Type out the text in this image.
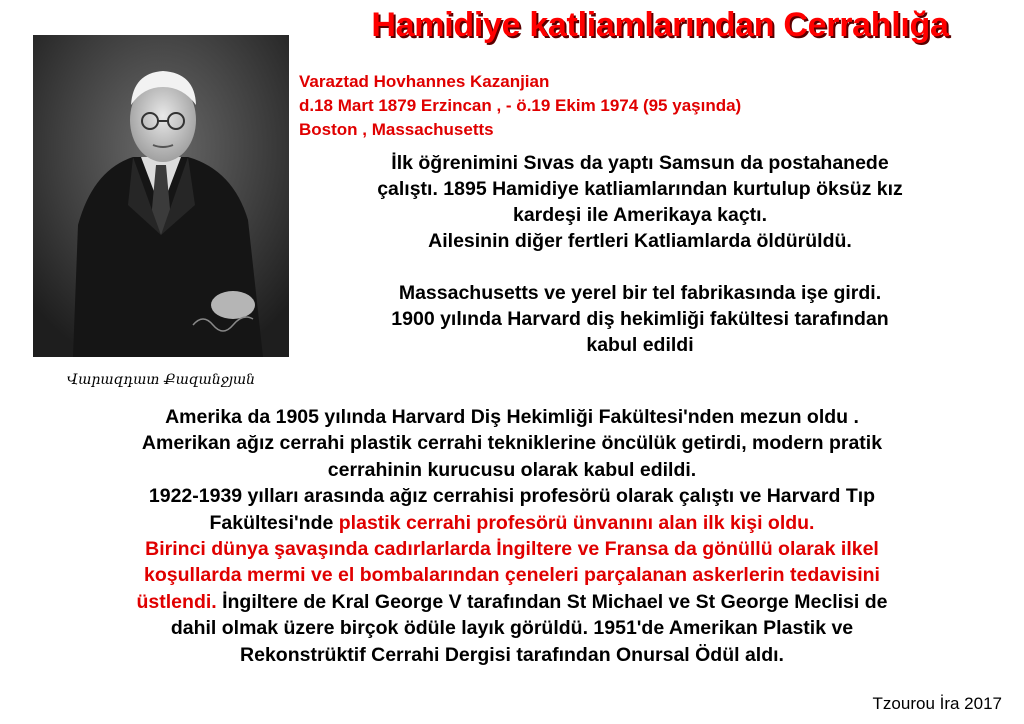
Hamidiye katliamlarından Cerrahlığa
Վարազդատ Քազանջյան
Varaztad Hovhannes Kazanjian
d.18 Mart 1879 Erzincan , - ö.19 Ekim 1974 (95 yaşında)
Boston , Massachusetts

İlk öğrenimini Sıvas da yaptı Samsun da postahanede

çalıştı. 1895 Hamidiye katliamlarından kurtulup öksüz kız

kardeşi ile Amerikaya kaçtı.

Ailesinin diğer fertleri Katliamlarda öldürüldü.

Massachusetts ve yerel bir tel fabrikasında işe girdi.

1900 yılında Harvard diş hekimliği fakültesi tarafından

kabul edildi

Amerika da 1905 yılında Harvard Diş Hekimliği Fakültesi'nden mezun oldu .

Amerikan ağız cerrahi plastik cerrahi tekniklerine öncülük getirdi, modern pratik

cerrahinin kurucusu olarak kabul edildi.

1922-1939 yılları arasında ağız cerrahisi profesörü olarak çalıştı ve Harvard Tıp

Fakültesi'nde plastik cerrahi profesörü ünvanını alan ilk kişi oldu.

Birinci dünya şavaşında cadırlarlarda İngiltere ve Fransa da gönüllü olarak ilkel

koşullarda mermi ve el bombalarından çeneleri parçalanan askerlerin tedavisini

üstlendi. İngiltere de Kral George V tarafından St Michael ve St George Meclisi de

dahil olmak üzere birçok ödüle layık görüldü. 1951'de Amerikan Plastik ve

Rekonstrüktif Cerrahi Dergisi tarafından Onursal Ödül aldı.

Tzourou İra 2017
